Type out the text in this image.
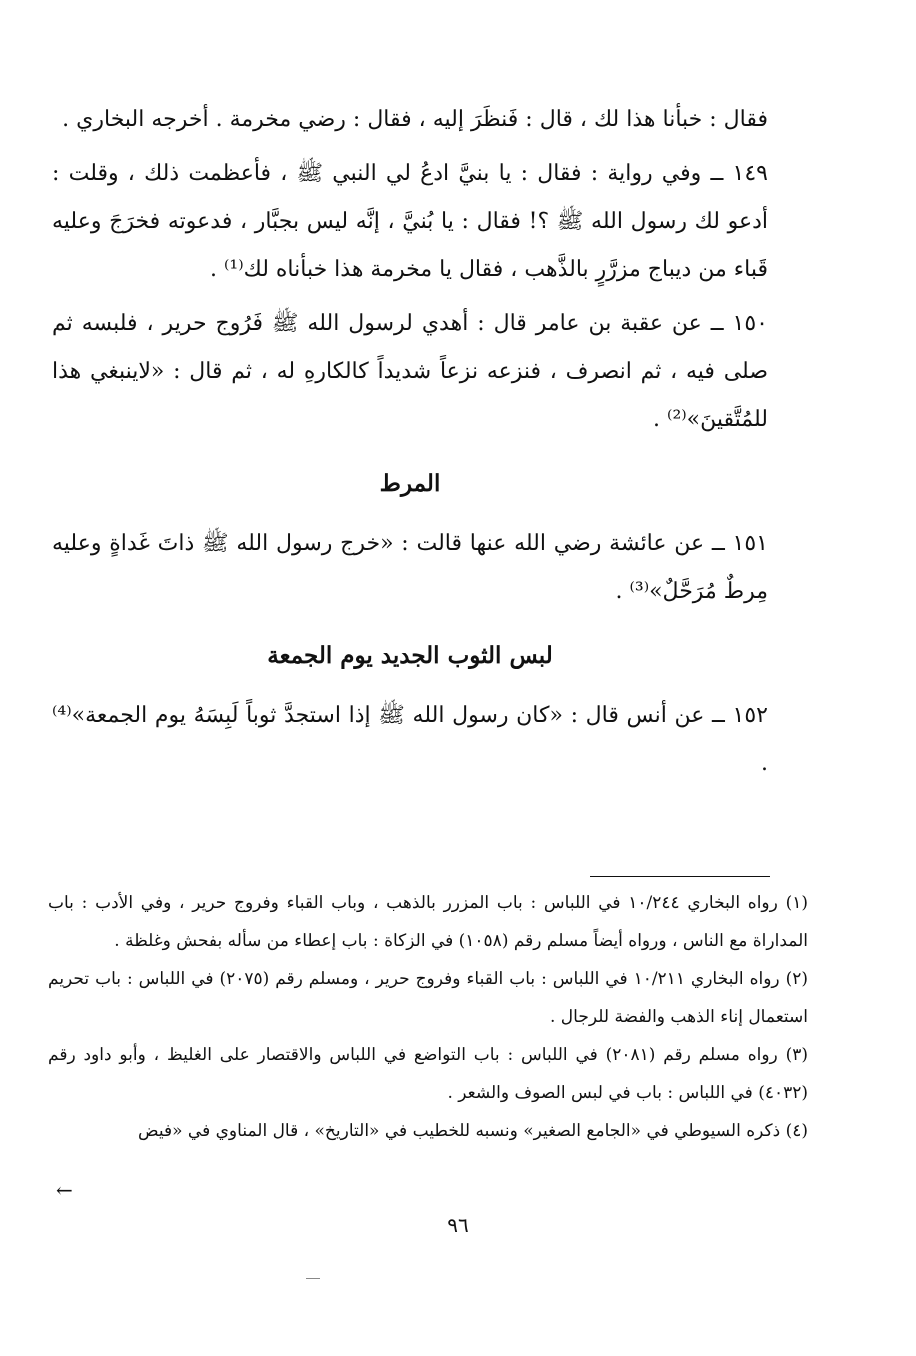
فقال : خبأنا هذا لك ، قال : فَنظَرَ إليه ، فقال : رضي مخرمة . أخرجه البخاري .

١٤٩ ــ وفي رواية : فقال : يا بنيَّ ادعُ لي النبي ﷺ ، فأعظمت ذلك ، وقلت : أدعو لك رسول الله ﷺ ؟! فقال : يا بُنيَّ ، إنَّه ليس بجبَّار ، فدعوته فخرَجَ وعليه قَباء من ديباج مزرَّرٍ بالذَّهب ، فقال يا مخرمة هذا خبأناه لك⁽¹⁾ .

١٥٠ ــ عن عقبة بن عامر قال : أهدي لرسول الله ﷺ فَرُوج حرير ، فلبسه ثم صلى فيه ، ثم انصرف ، فنزعه نزعاً شديداً كالكارهِ له ، ثم قال : «لاينبغي هذا للمُتَّقينَ»⁽²⁾ .

المرط

١٥١ ــ عن عائشة رضي الله عنها قالت : «خرج رسول الله ﷺ ذاتَ غَداةٍ وعليه مِرطٌ مُرَحَّلٌ»⁽³⁾ .

لبس الثوب الجديد يوم الجمعة

١٥٢ ــ عن أنس قال : «كان رسول الله ﷺ إذا استجدَّ ثوباً لَبِسَهُ يوم الجمعة»⁽⁴⁾ .

(١) رواه البخاري ١٠/٢٤٤ في اللباس : باب المزرر بالذهب ، وباب القباء وفروج حرير ، وفي الأدب : باب المداراة مع الناس ، ورواه أيضاً مسلم رقم (١٠٥٨) في الزكاة : باب إعطاء من سأله بفحش وغلظة .

(٢) رواه البخاري ١٠/٢١١ في اللباس : باب القباء وفروج حرير ، ومسلم رقم (٢٠٧٥) في اللباس : باب تحريم استعمال إناء الذهب والفضة للرجال .

(٣) رواه مسلم رقم (٢٠٨١) في اللباس : باب التواضع في اللباس والاقتصار على الغليظ ، وأبو داود رقم (٤٠٣٢) في اللباس : باب في لبس الصوف والشعر .

(٤) ذكره السيوطي في «الجامع الصغير» ونسبه للخطيب في «التاريخ» ، قال المناوي في «فيض

←
٩٦
